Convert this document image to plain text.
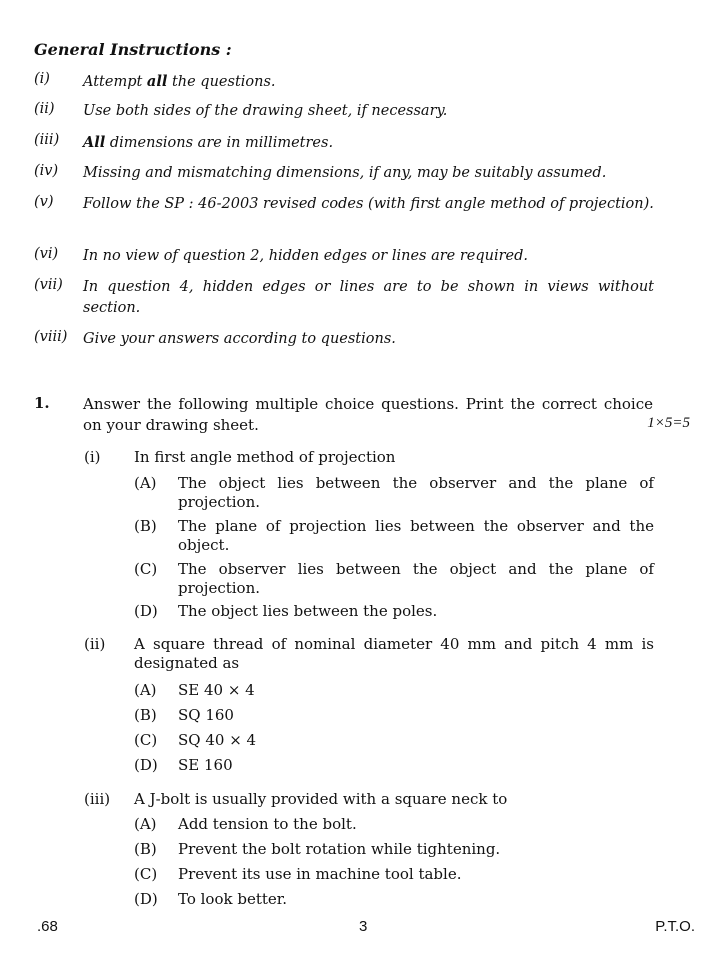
General Instructions :
(i) Attempt all the questions.
(ii) Use both sides of the drawing sheet, if necessary.
(iii) All dimensions are in millimetres.
(iv) Missing and mismatching dimensions, if any, may be suitably assumed.
(v) Follow the SP : 46-2003 revised codes (with first angle method of projection).
(vi) In no view of question 2, hidden edges or lines are required.
(vii) In question 4, hidden edges or lines are to be shown in views without section.
(viii) Give your answers according to questions.
1. Answer the following multiple choice questions. Print the correct choice on your drawing sheet.	1×5=5
(i) In first angle method of projection
(A) The object lies between the observer and the plane of projection.
(B) The plane of projection lies between the observer and the object.
(C) The observer lies between the object and the plane of projection.
(D) The object lies between the poles.
(ii) A square thread of nominal diameter 40 mm and pitch 4 mm is designated as
(A) SE 40 × 4
(B) SQ 160
(C) SQ 40 × 4
(D) SE 160
(iii) A J-bolt is usually provided with a square neck to
(A) Add tension to the bolt.
(B) Prevent the bolt rotation while tightening.
(C) Prevent its use in machine tool table.
(D) To look better.
.68	3	P.T.O.
